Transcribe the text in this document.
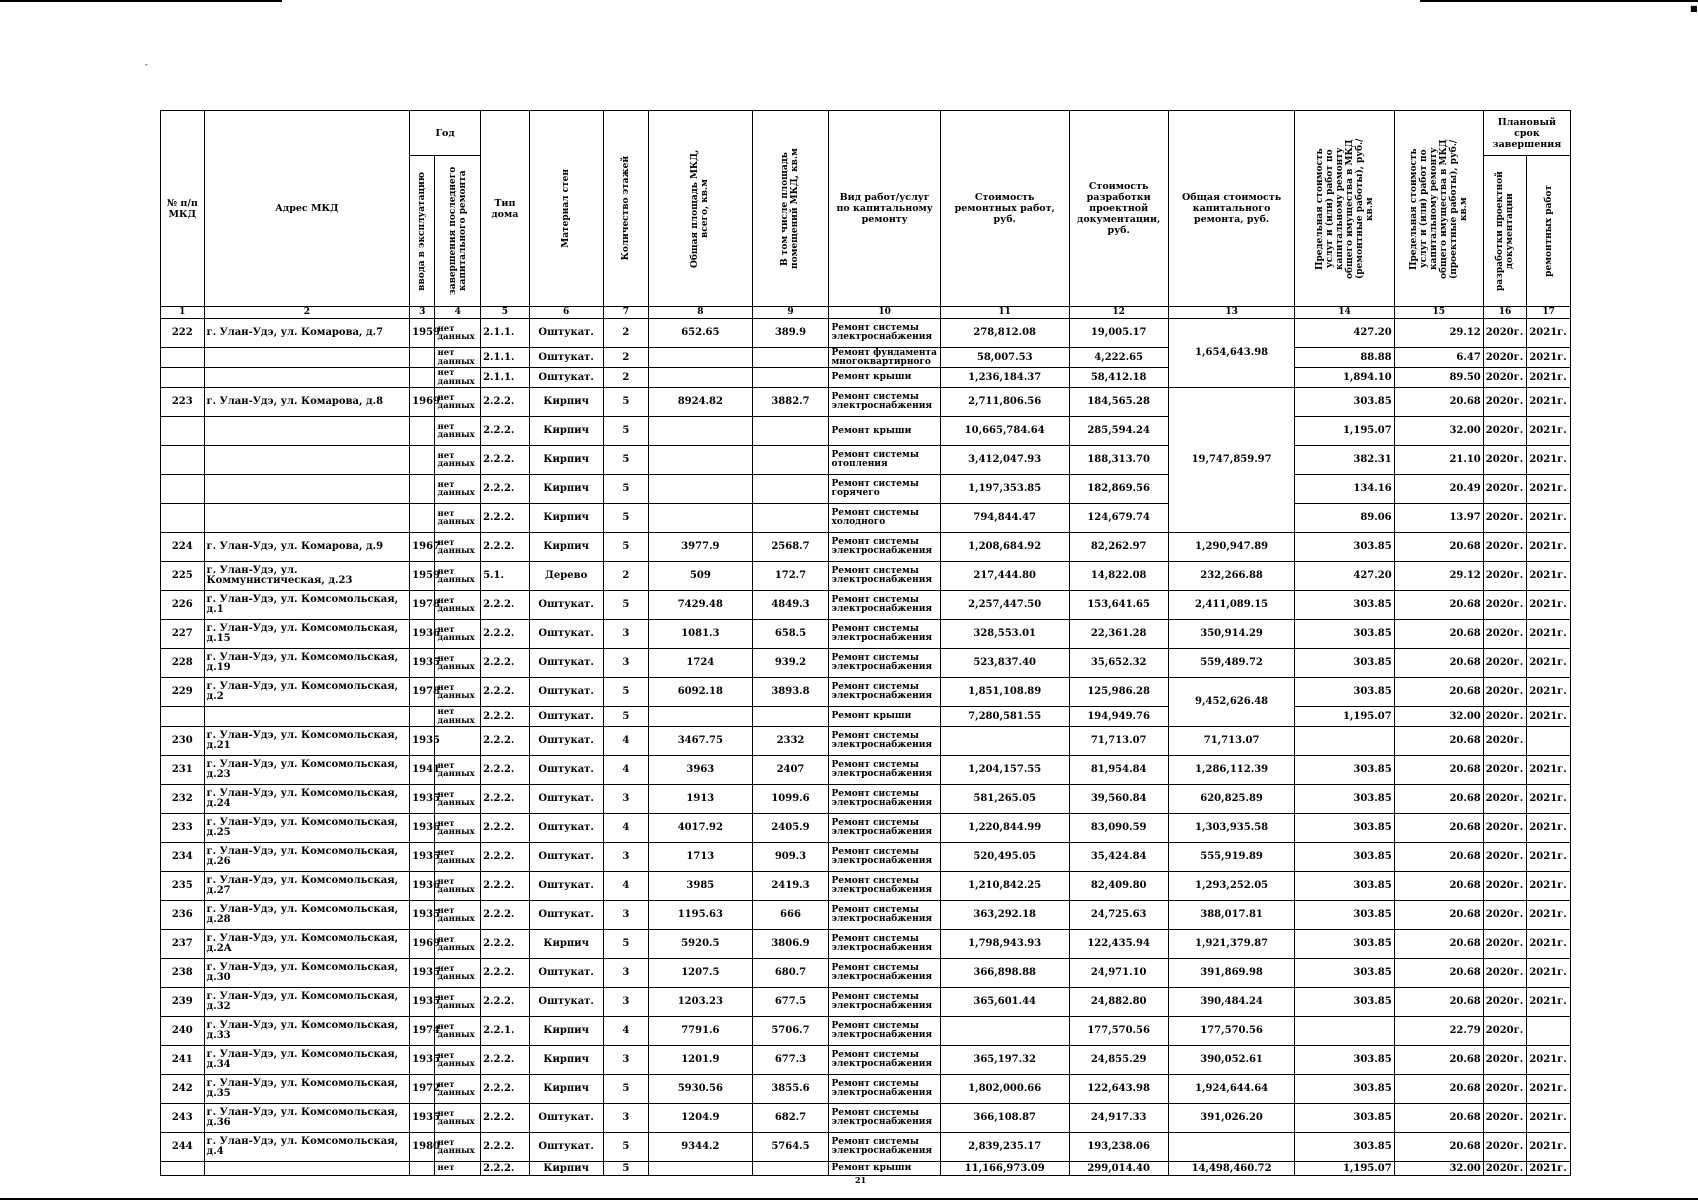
-
■
№ п/п МКД	Адрес МКД	Год		Тип дома	Материал стен	Количество этажей	Общая площадь МКД, всего, кв.м	В том числе площадь помещений МКД, кв.м	Вид работ/услуг по капитальному ремонту	Стоимость ремонтных работ, руб.	Стоимость разработки проектной документации, руб.	Общая стоимость капитального ремонта, руб.	Предельная стоимость услуг и (или) работ по капитальному ремонту общего имущества в МКД (ремонтные работы), руб./кв.м	Предельная стоимость услуг и (или) работ по капитальному ремонту общего имущества в МКД (проектные работы), руб./кв.м	Плановый срок завершения	

		ввода в эксплуатацию	завершения последнего капитального ремонта												разработки проектной документации	ремонтных работ

1	2	3	4	5	6	7	8	9	10	11	12	13	14	15	16	17
222	г. Улан-Удэ, ул. Комарова, д.7	1959	нет данных	2.1.1.	Оштукат.	2	652.65	389.9	Ремонт системы электроснабжения	278,812.08	19,005.17	1,654,643.98	427.20	29.12	2020г.	2021г.
			нет данных	2.1.1.	Оштукат.	2			Ремонт фундамента многоквартирного	58,007.53	4,222.65		88.88	6.47	2020г.	2021г.
			нет данных	2.1.1.	Оштукат.	2			Ремонт крыши	1,236,184.37	58,412.18		1,894.10	89.50	2020г.	2021г.
223	г. Улан-Удэ, ул. Комарова, д.8	1969	нет данных	2.2.2.	Кирпич	5	8924.82	3882.7	Ремонт системы электроснабжения	2,711,806.56	184,565.28	19,747,859.97	303.85	20.68	2020г.	2021г.
			нет данных	2.2.2.	Кирпич	5			Ремонт крыши	10,665,784.64	285,594.24		1,195.07	32.00	2020г.	2021г.
			нет данных	2.2.2.	Кирпич	5			Ремонт системы отопления	3,412,047.93	188,313.70		382.31	21.10	2020г.	2021г.
			нет данных	2.2.2.	Кирпич	5			Ремонт системы горячего	1,197,353.85	182,869.56		134.16	20.49	2020г.	2021г.
			нет данных	2.2.2.	Кирпич	5			Ремонт системы холодного	794,844.47	124,679.74		89.06	13.97	2020г.	2021г.
224	г. Улан-Удэ, ул. Комарова, д.9	1967	нет данных	2.2.2.	Кирпич	5	3977.9	2568.7	Ремонт системы электроснабжения	1,208,684.92	82,262.97	1,290,947.89	303.85	20.68	2020г.	2021г.
225	г. Улан-Удэ, ул. Коммунистическая, д.23	1959	нет данных	5.1.	Дерево	2	509	172.7	Ремонт системы электроснабжения	217,444.80	14,822.08	232,266.88	427.20	29.12	2020г.	2021г.
226	г. Улан-Удэ, ул. Комсомольская, д.1	1978	нет данных	2.2.2.	Оштукат.	5	7429.48	4849.3	Ремонт системы электроснабжения	2,257,447.50	153,641.65	2,411,089.15	303.85	20.68	2020г.	2021г.
227	г. Улан-Удэ, ул. Комсомольская, д.15	1936	нет данных	2.2.2.	Оштукат.	3	1081.3	658.5	Ремонт системы электроснабжения	328,553.01	22,361.28	350,914.29	303.85	20.68	2020г.	2021г.
228	г. Улан-Удэ, ул. Комсомольская, д.19	1935	нет данных	2.2.2.	Оштукат.	3	1724	939.2	Ремонт системы электроснабжения	523,837.40	35,652.32	559,489.72	303.85	20.68	2020г.	2021г.
229	г. Улан-Удэ, ул. Комсомольская, д.2	1978	нет данных	2.2.2.	Оштукат.	5	6092.18	3893.8	Ремонт системы электроснабжения	1,851,108.89	125,986.28	9,452,626.48	303.85	20.68	2020г.	2021г.
			нет данных	2.2.2.	Оштукат.	5			Ремонт крыши	7,280,581.55	194,949.76		1,195.07	32.00	2020г.	2021г.
230	г. Улан-Удэ, ул. Комсомольская, д.21	1935		2.2.2.	Оштукат.	4	3467.75	2332	Ремонт системы электроснабжения		71,713.07	71,713.07		20.68	2020г.	
231	г. Улан-Удэ, ул. Комсомольская, д.23	1941	нет данных	2.2.2.	Оштукат.	4	3963	2407	Ремонт системы электроснабжения	1,204,157.55	81,954.84	1,286,112.39	303.85	20.68	2020г.	2021г.
232	г. Улан-Удэ, ул. Комсомольская, д.24	1935	нет данных	2.2.2.	Оштукат.	3	1913	1099.6	Ремонт системы электроснабжения	581,265.05	39,560.84	620,825.89	303.85	20.68	2020г.	2021г.
233	г. Улан-Удэ, ул. Комсомольская, д.25	1936	нет данных	2.2.2.	Оштукат.	4	4017.92	2405.9	Ремонт системы электроснабжения	1,220,844.99	83,090.59	1,303,935.58	303.85	20.68	2020г.	2021г.
234	г. Улан-Удэ, ул. Комсомольская, д.26	1935	нет данных	2.2.2.	Оштукат.	3	1713	909.3	Ремонт системы электроснабжения	520,495.05	35,424.84	555,919.89	303.85	20.68	2020г.	2021г.
235	г. Улан-Удэ, ул. Комсомольская, д.27	1936	нет данных	2.2.2.	Оштукат.	4	3985	2419.3	Ремонт системы электроснабжения	1,210,842.25	82,409.80	1,293,252.05	303.85	20.68	2020г.	2021г.
236	г. Улан-Удэ, ул. Комсомольская, д.28	1935	нет данных	2.2.2.	Оштукат.	3	1195.63	666	Ремонт системы электроснабжения	363,292.18	24,725.63	388,017.81	303.85	20.68	2020г.	2021г.
237	г. Улан-Удэ, ул. Комсомольская, д.2А	1969	нет данных	2.2.2.	Кирпич	5	5920.5	3806.9	Ремонт системы электроснабжения	1,798,943.93	122,435.94	1,921,379.87	303.85	20.68	2020г.	2021г.
238	г. Улан-Удэ, ул. Комсомольская, д.30	1935	нет данных	2.2.2.	Оштукат.	3	1207.5	680.7	Ремонт системы электроснабжения	366,898.88	24,971.10	391,869.98	303.85	20.68	2020г.	2021г.
239	г. Улан-Удэ, ул. Комсомольская, д.32	1935	нет данных	2.2.2.	Оштукат.	3	1203.23	677.5	Ремонт системы электроснабжения	365,601.44	24,882.80	390,484.24	303.85	20.68	2020г.	2021г.
240	г. Улан-Удэ, ул. Комсомольская, д.33	1974	нет данных	2.2.1.	Кирпич	4	7791.6	5706.7	Ремонт системы электроснабжения		177,570.56	177,570.56		22.79	2020г.	
241	г. Улан-Удэ, ул. Комсомольская, д.34	1935	нет данных	2.2.2.	Кирпич	3	1201.9	677.3	Ремонт системы электроснабжения	365,197.32	24,855.29	390,052.61	303.85	20.68	2020г.	2021г.
242	г. Улан-Удэ, ул. Комсомольская, д.35	1972	нет данных	2.2.2.	Кирпич	5	5930.56	3855.6	Ремонт системы электроснабжения	1,802,000.66	122,643.98	1,924,644.64	303.85	20.68	2020г.	2021г.
243	г. Улан-Удэ, ул. Комсомольская, д.36	1935	нет данных	2.2.2.	Оштукат.	3	1204.9	682.7	Ремонт системы электроснабжения	366,108.87	24,917.33	391,026.20	303.85	20.68	2020г.	2021г.
244	г. Улан-Удэ, ул. Комсомольская, д.4	1980	нет данных	2.2.2.	Оштукат.	5	9344.2	5764.5	Ремонт системы электроснабжения	2,839,235.17	193,238.06		303.85	20.68	2020г.	2021г.
			нет	2.2.2.	Кирпич	5			Ремонт крыши	11,166,973.09	299,014.40	14,498,460.72	1,195.07	32.00	2020г.	2021г.
21
